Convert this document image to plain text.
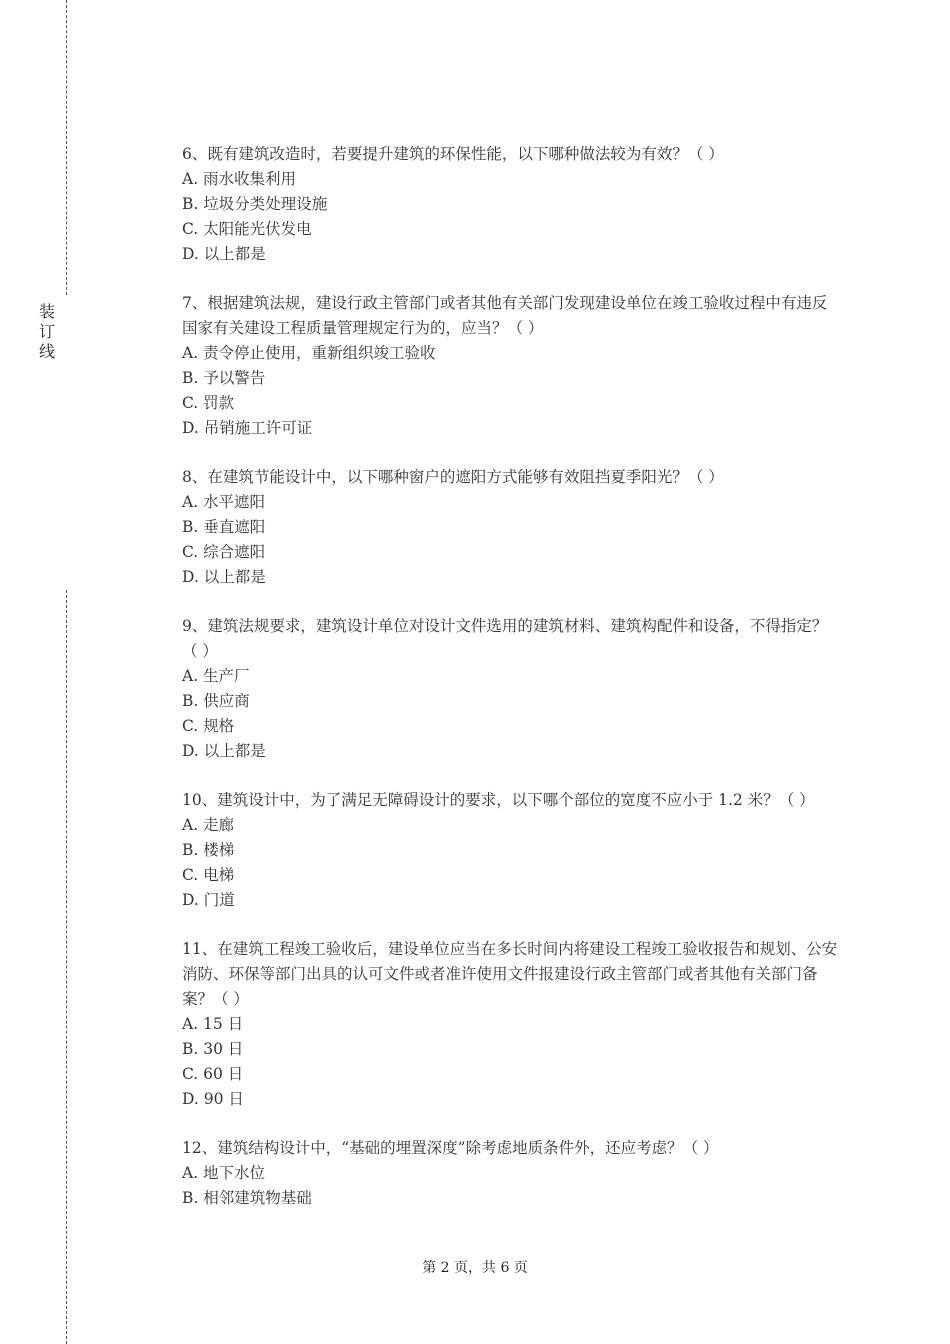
装
订
线
6、既有建筑改造时，若要提升建筑的环保性能，以下哪种做法较为有效？（ ）
A. 雨水收集利用
B. 垃圾分类处理设施
C. 太阳能光伏发电
D. 以上都是
7、根据建筑法规，建设行政主管部门或者其他有关部门发现建设单位在竣工验收过程中有违反国家有关建设工程质量管理规定行为的，应当？（ ）
A. 责令停止使用，重新组织竣工验收
B. 予以警告
C. 罚款
D. 吊销施工许可证
8、在建筑节能设计中，以下哪种窗户的遮阳方式能够有效阻挡夏季阳光？（ ）
A. 水平遮阳
B. 垂直遮阳
C. 综合遮阳
D. 以上都是
9、建筑法规要求，建筑设计单位对设计文件选用的建筑材料、建筑构配件和设备，不得指定？（ ）
A. 生产厂
B. 供应商
C. 规格
D. 以上都是
10、建筑设计中，为了满足无障碍设计的要求，以下哪个部位的宽度不应小于 1.2 米？（ ）
A. 走廊
B. 楼梯
C. 电梯
D. 门道
11、在建筑工程竣工验收后，建设单位应当在多长时间内将建设工程竣工验收报告和规划、公安消防、环保等部门出具的认可文件或者准许使用文件报建设行政主管部门或者其他有关部门备案？（ ）
A. 15 日
B. 30 日
C. 60 日
D. 90 日
12、建筑结构设计中，“基础的埋置深度”除考虑地质条件外，还应考虑？（ ）
A. 地下水位
B. 相邻建筑物基础
第 2 页，共 6 页
